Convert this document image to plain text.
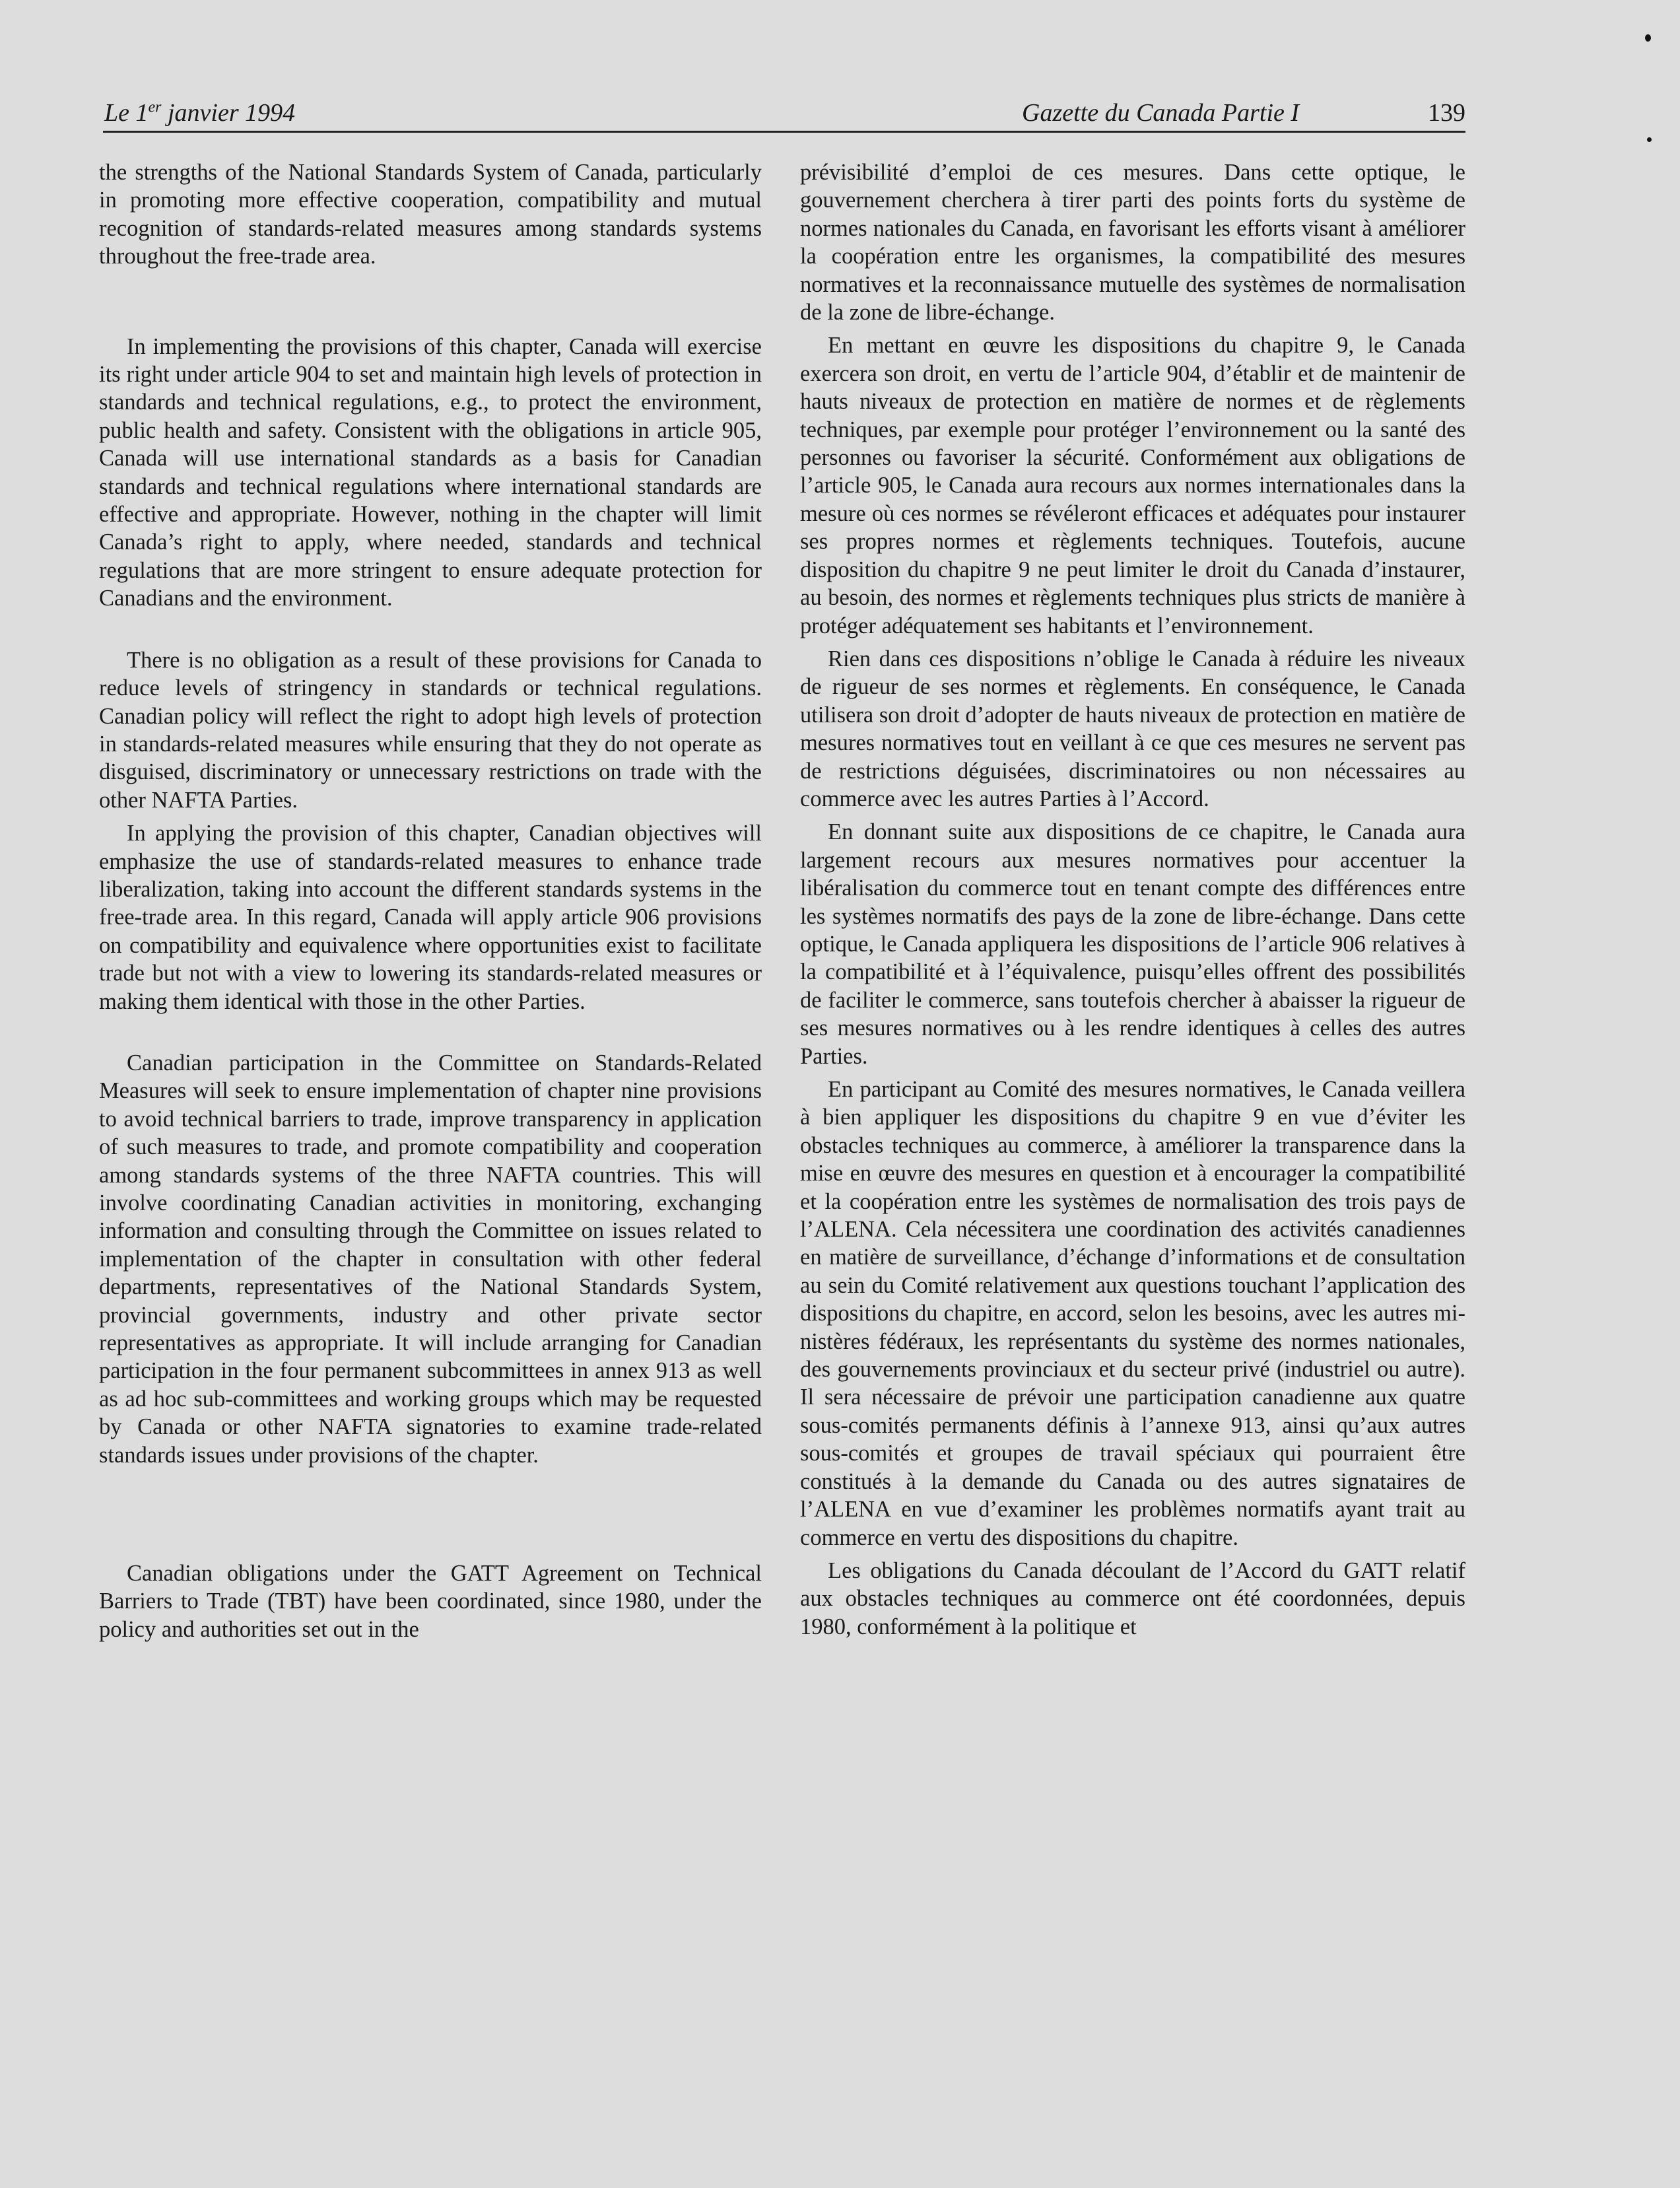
Le 1er janvier 1994	Gazette du Canada Partie I	139

the strengths of the National Standards System of Canada, particularly in promoting more effective cooperation, compatibility and mutual recognition of standards-related measures among standards systems throughout the free-trade area.

In implementing the provisions of this chapter, Canada will exercise its right under article 904 to set and maintain high levels of protection in standards and technical regulations, e.g., to protect the environment, public health and safety. Consistent with the obligations in article 905, Canada will use international standards as a basis for Canadian standards and technical regulations where international standards are effective and appropriate. However, nothing in the chapter will limit Canada’s right to apply, where needed, standards and technical regulations that are more stringent to ensure adequate protection for Canadians and the environment.

There is no obligation as a result of these provisions for Canada to reduce levels of stringency in standards or technical regulations. Canadian policy will reflect the right to adopt high levels of protection in standards-related measures while ensuring that they do not operate as disguised, discriminatory or unnecessary restrictions on trade with the other NAFTA Parties.

In applying the provision of this chapter, Canadian objectives will emphasize the use of standards-related measures to enhance trade liberalization, taking into account the different standards systems in the free-trade area. In this regard, Canada will apply article 906 provisions on compatibility and equivalence where opportunities exist to facilitate trade but not with a view to lowering its standards-related measures or making them identical with those in the other Parties.

Canadian participation in the Committee on Standards-Related Measures will seek to ensure implementation of chapter nine provisions to avoid technical barriers to trade, improve transparency in application of such measures to trade, and promote compatibility and cooperation among standards systems of the three NAFTA countries. This will involve coordinating Canadian activities in monitoring, exchanging information and consulting through the Committee on issues related to implementation of the chapter in consultation with other federal departments, representatives of the National Standards System, provincial governments, industry and other private sector representatives as appropriate. It will include arranging for Canadian participation in the four permanent subcommittees in annex 913 as well as ad hoc sub-committees and working groups which may be requested by Canada or other NAFTA signatories to examine trade-related standards issues under provisions of the chapter.

Canadian obligations under the GATT Agreement on Technical Barriers to Trade (TBT) have been coordinated, since 1980, under the policy and authorities set out in the

prévisibilité d’emploi de ces mesures. Dans cette optique, le gouvernement cherchera à tirer parti des points forts du système de normes nationales du Canada, en favorisant les efforts visant à améliorer la coopération entre les organismes, la compatibilité des mesures normatives et la reconnaissance mutuelle des systèmes de normalisation de la zone de libre-échange.

En mettant en œuvre les dispositions du chapitre 9, le Canada exercera son droit, en vertu de l’article 904, d’établir et de maintenir de hauts niveaux de protection en matière de normes et de règlements techniques, par exemple pour protéger l’environnement ou la santé des personnes ou favoriser la sécurité. Conformément aux obligations de l’article 905, le Canada aura recours aux normes internationales dans la mesure où ces normes se révéleront efficaces et adéquates pour instaurer ses propres normes et règlements techniques. Toutefois, aucune disposition du chapitre 9 ne peut limiter le droit du Canada d’instaurer, au besoin, des normes et règlements techniques plus stricts de manière à protéger adéquatement ses habitants et l’environnement.

Rien dans ces dispositions n’oblige le Canada à réduire les niveaux de rigueur de ses normes et règlements. En conséquence, le Canada utilisera son droit d’adopter de hauts niveaux de protection en matière de mesures normatives tout en veillant à ce que ces mesures ne servent pas de restrictions déguisées, discriminatoires ou non nécessaires au commerce avec les autres Parties à l’Accord.

En donnant suite aux dispositions de ce chapitre, le Canada aura largement recours aux mesures normatives pour accentuer la libéralisation du commerce tout en tenant compte des différences entre les systèmes normatifs des pays de la zone de libre-échange. Dans cette optique, le Canada appliquera les dispositions de l’article 906 relatives à la compatibilité et à l’équivalence, puisqu’elles offrent des possibilités de faciliter le commerce, sans toutefois chercher à abaisser la rigueur de ses mesures normatives ou à les rendre identiques à celles des autres Parties.

En participant au Comité des mesures normatives, le Canada veillera à bien appliquer les dispositions du chapitre 9 en vue d’éviter les obstacles techniques au commerce, à améliorer la transparence dans la mise en œuvre des mesures en question et à encourager la compatibilité et la coopération entre les systèmes de normalisation des trois pays de l’ALENA. Cela nécessitera une coordination des activités canadiennes en matière de surveillance, d’échange d’informations et de consultation au sein du Comité relativement aux questions touchant l’application des dispositions du chapitre, en accord, selon les besoins, avec les autres ministères fédéraux, les représentants du système des normes nationales, des gouvernements provinciaux et du secteur privé (industriel ou autre). Il sera nécessaire de prévoir une participation canadienne aux quatre sous-comités permanents définis à l’annexe 913, ainsi qu’aux autres sous-comités et groupes de travail spéciaux qui pourraient être constitués à la demande du Canada ou des autres signataires de l’ALENA en vue d’examiner les problèmes normatifs ayant trait au commerce en vertu des dispositions du chapitre.

Les obligations du Canada découlant de l’Accord du GATT relatif aux obstacles techniques au commerce ont été coordonnées, depuis 1980, conformément à la politique et
